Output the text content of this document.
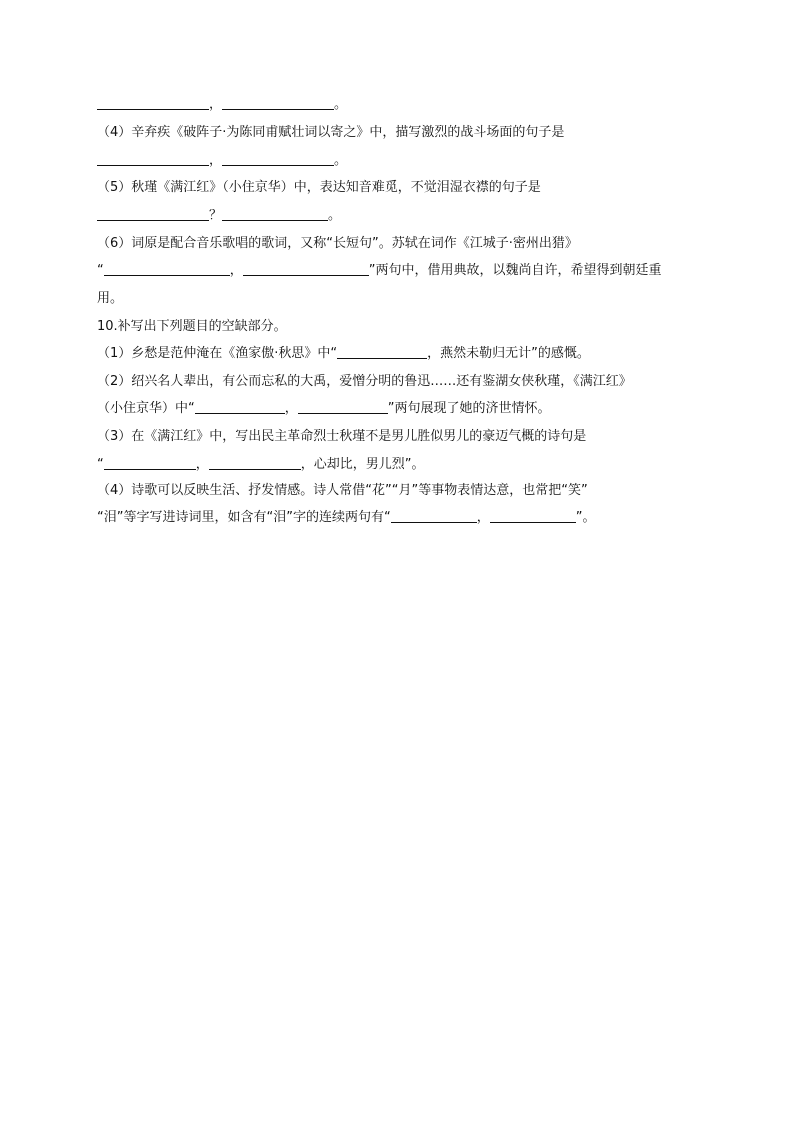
，	。
（4）辛弃疾《破阵子·为陈同甫赋壮词以寄之》中，描写激烈的战斗场面的句子是
，	。
（5）秋瑾《满江红》（小住京华）中，表达知音难觅，不觉泪湿衣襟的句子是
？	。
（6）词原是配合音乐歌唱的歌词，又称“长短句”。苏轼在词作《江城子·密州出猎》
“	，	”两句中，借用典故，以魏尚自许，希望得到朝廷重
用。
10.补写出下列题目的空缺部分。
（1）乡愁是范仲淹在《渔家傲·秋思》中“	，燕然未勒归无计”的感慨。
（2）绍兴名人辈出，有公而忘私的大禹，爱憎分明的鲁迅……还有鉴湖女侠秋瑾，《满江红》
（小住京华）中“	，	”两句展现了她的济世情怀。
（3）在《满江红》中，写出民主革命烈士秋瑾不是男儿胜似男儿的豪迈气概的诗句是
“	，	，心却比，男儿烈”。
（4）诗歌可以反映生活、抒发情感。诗人常借“花”“月”等事物表情达意，也常把“笑”
“泪”等字写进诗词里，如含有“泪”字的连续两句有“	，	”。
